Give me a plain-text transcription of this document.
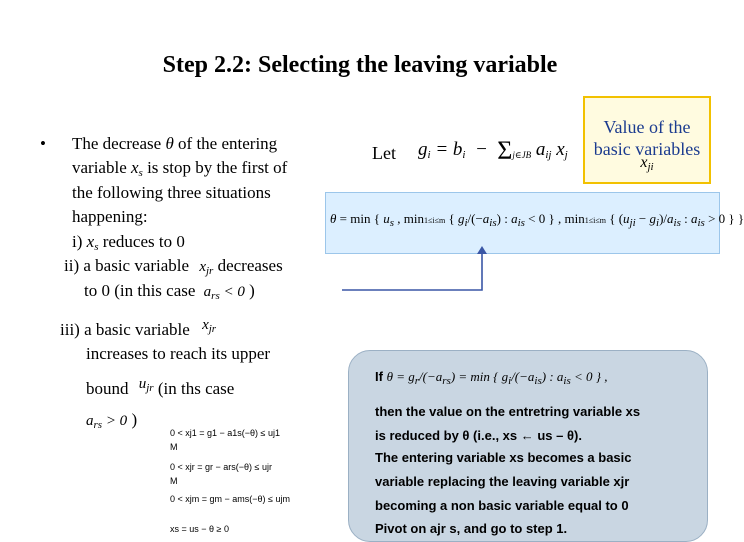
Step 2.2: Selecting the leaving variable
• The decrease θ of the entering
variable $x_s$ is stop by the first of
the following three situations
happening:
i) $x_s$ reduces to 0
ii) a basic variable $x_{jr}$ decreases
to 0 (in this case $a_{rs} < 0$ )
iii) a basic variable $x_{jr}$
increases to reach its upper
bound $u_{jr}$ (in ths case
$a_{rs} > 0$ )
Let $g_i = b_i - \Sigma_{j\in JB}$ $a_{ij}$ $x_j$
Value of the
basic variables
$x_{ji}$
θ = min { $u_s$ , min1≤i≤m { $g_i/(-a_{is})$ : $a_{is} < 0$ } , min1≤i≤m { $(u_{ji} - g_i)/a_{is}$ : $a_{is} > 0$ } }
0 < xj1 = g1 − a1s(−θ) ≤ uj1
M
0 < xjr = gr − ars(−θ) ≤ ujr
M
0 < xjm = gm − ams(−θ) ≤ ujm
xs = us − θ ≥ 0
If $\theta = g_r/(-a_{rs}) = \min$ { $g_i/(-a_{is})$ : $a_{is} < 0$ } ,
then the value on the entretring variable xs
is reduced by θ (i.e., xs ← us – θ).
The entering variable xs becomes a basic
variable replacing the leaving variable xjr
becoming a non basic variable equal to 0
Pivot on ajr s, and go to step 1.
